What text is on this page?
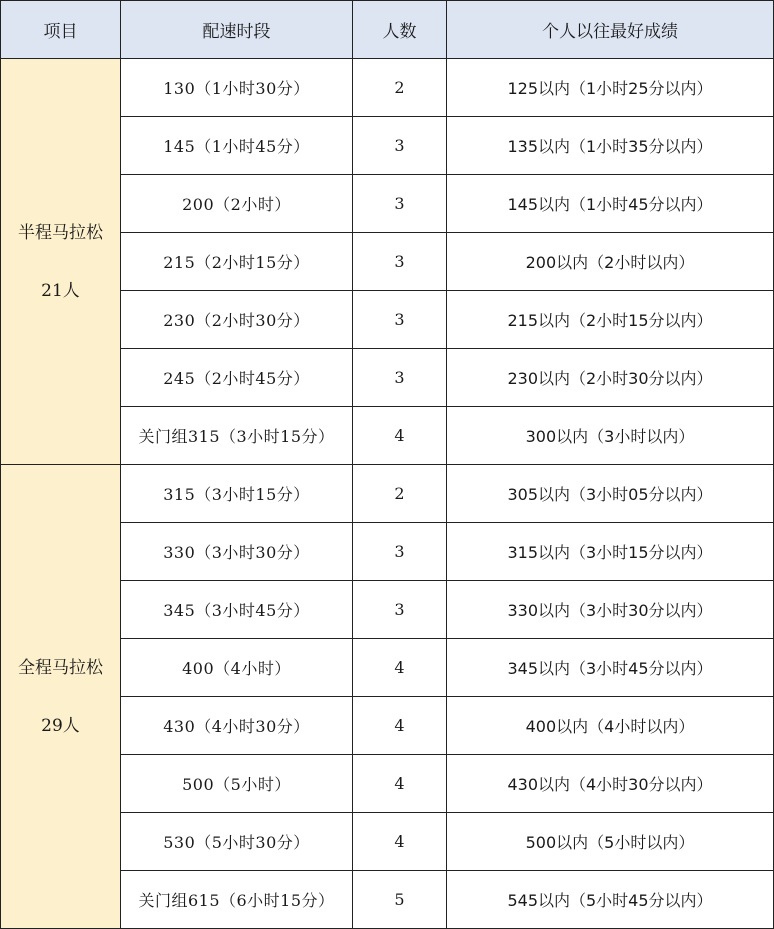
项目	配速时段	人数	个人以往最好成绩

半程马拉松
21人	130（1小时30分）	2	125以内（1小时25分以内）
	145（1小时45分）	3	135以内（1小时35分以内）
	200（2小时）	3	145以内（1小时45分以内）
	215（2小时15分）	3	200以内（2小时以内）
	230（2小时30分）	3	215以内（2小时15分以内）
	245（2小时45分）	3	230以内（2小时30分以内）
	关门组315（3小时15分）	4	300以内（3小时以内）

全程马拉松
29人	315（3小时15分）	2	305以内（3小时05分以内）
	330（3小时30分）	3	315以内（3小时15分以内）
	345（3小时45分）	3	330以内（3小时30分以内）
	400（4小时）	4	345以内（3小时45分以内）
	430（4小时30分）	4	400以内（4小时以内）
	500（5小时）	4	430以内（4小时30分以内）
	530（5小时30分）	4	500以内（5小时以内）
	关门组615（6小时15分）	5	545以内（5小时45分以内）
